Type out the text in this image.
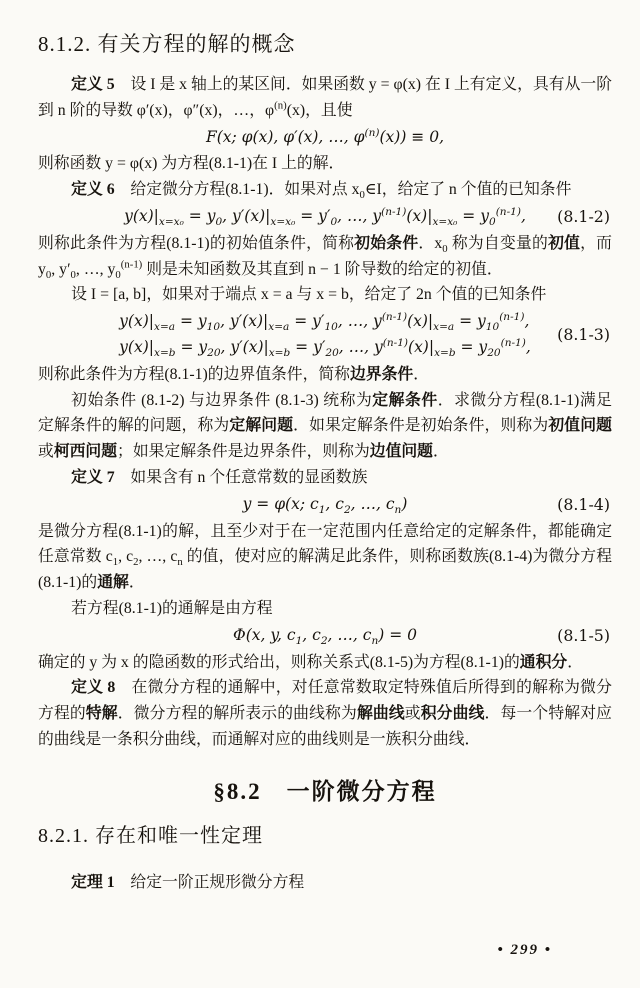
8.1.2. 有关方程的解的概念

定义 5　设 I 是 x 轴上的某区间．如果函数 y = φ(x) 在 I 上有定义，具有从一阶到 n 阶的导数 φ′(x)，φ″(x)，…，$\varphi^{(n)}(x)$，且使

F(x; φ(x), φ′(x), …, $\varphi^{(n)}(x)) \equiv 0$,

则称函数 y = φ(x) 为方程(8.1-1)在 I 上的解．

定义 6　给定微分方程(8.1-1)．如果对点 $x_0\in I$，给定了 n 个值的已知条件

$y(x)|_{x=x_0} = y_0$, $y'(x)|_{x=x_0} = y'_0$, …, $y^{(n-1)}(x)|_{x=x_0} = y_0^{(n-1)}$, (8.1-2)

则称此条件为方程(8.1-1)的初始值条件，简称初始条件．$x_0$ 称为自变量的初值，而 $y_0$, $y'_0$, …, $y_0^{(n-1)}$ 则是未知函数及其直到 n − 1 阶导数的给定的初值．

设 I = [a, b]，如果对于端点 x = a 与 x = b，给定了 2n 个值的已知条件

$y(x)|_{x=a} = y_{10}$, $y'(x)|_{x=a} = y'_{10}$, …, $y^{(n-1)}(x)|_{x=a} = y_{10}^{(n-1)}$,
$y(x)|_{x=b} = y_{20}$, $y'(x)|_{x=b} = y'_{20}$, …, $y^{(n-1)}(x)|_{x=b} = y_{20}^{(n-1)}$,
(8.1-3)

则称此条件为方程(8.1-1)的边界值条件，简称边界条件．

初始条件 (8.1-2) 与边界条件 (8.1-3) 统称为定解条件．求微分方程(8.1-1)满足定解条件的解的问题，称为定解问题．如果定解条件是初始条件，则称为初值问题或柯西问题；如果定解条件是边界条件，则称为边值问题．

定义 7　如果含有 n 个任意常数的显函数族

y = φ(x; $c_1$, $c_2$, …, $c_n$)	(8.1-4)

是微分方程(8.1-1)的解，且至少对于在一定范围内任意给定的定解条件，都能确定任意常数 $c_1$, $c_2$, …, $c_n$ 的值，使对应的解满足此条件，则称函数族(8.1-4)为微分方程(8.1-1)的通解．

若方程(8.1-1)的通解是由方程

Φ(x, y, $c_1$, $c_2$, …, $c_n) = 0$	(8.1-5)

确定的 y 为 x 的隐函数的形式给出，则称关系式(8.1-5)为方程(8.1-1)的通积分．

定义 8　在微分方程的通解中，对任意常数取定特殊值后所得到的解称为微分方程的特解．微分方程的解所表示的曲线称为解曲线或积分曲线．每一个特解对应的曲线是一条积分曲线，而通解对应的曲线则是一族积分曲线．

§8.2　一阶微分方程
8.2.1. 存在和唯一性定理

定理 1　给定一阶正规形微分方程

• 299 •
